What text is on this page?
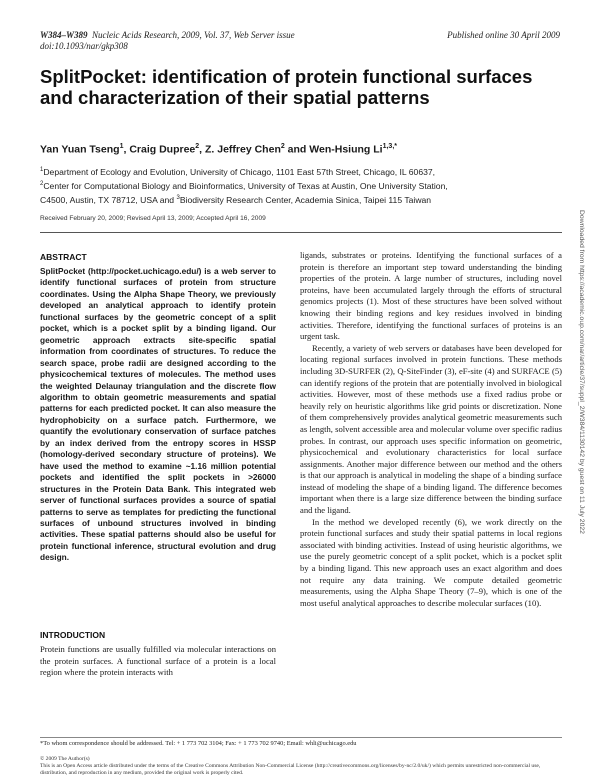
W384–W389 Nucleic Acids Research, 2009, Vol. 37, Web Server issue
doi:10.1093/nar/gkp308
Published online 30 April 2009
SplitPocket: identification of protein functional surfaces and characterization of their spatial patterns
Yan Yuan Tseng$^1$, Craig Dupree$^2$, Z. Jeffrey Chen$^2$ and Wen-Hsiung $Li^{1,3,*}$
$^1$Department of Ecology and Evolution, University of Chicago, 1101 East 57th Street, Chicago, IL 60637,
$^2$Center for Computational Biology and Bioinformatics, University of Texas at Austin, One University Station,
C4500, Austin, TX 78712, USA and $^3$Biodiversity Research Center, Academia Sinica, Taipei 115 Taiwan
Received February 20, 2009; Revised April 13, 2009; Accepted April 16, 2009
ABSTRACT
SplitPocket (http://pocket.uchicago.edu/) is a web server to identify functional surfaces of protein from structure coordinates. Using the Alpha Shape Theory, we previously developed an analytical approach to identify protein functional surfaces by the geometric concept of a split pocket, which is a pocket split by a binding ligand. Our geometric approach extracts site-specific spatial information from coordinates of structures. To reduce the search space, probe radii are designed according to the physicochemical textures of molecules. The method uses the weighted Delaunay triangulation and the discrete flow algorithm to obtain geometric measurements and spatial patterns for each predicted pocket. It can also measure the hydrophobicity on a surface patch. Furthermore, we quantify the evolutionary conservation of surface patches by an index derived from the entropy scores in HSSP (homology-derived secondary structure of proteins). We have used the method to examine ~1.16 million potential pockets and identified the split pockets in >26000 structures in the Protein Data Bank. This integrated web server of functional surfaces provides a source of spatial patterns to serve as templates for predicting the functional surfaces of unbound structures involved in binding activities. These spatial patterns should also be useful for protein functional inference, structural evolution and drug design.
INTRODUCTION

Protein functions are usually fulfilled via molecular interactions on the protein surfaces. A functional surface of a protein is a local region where the protein interacts with

ligands, substrates or proteins. Identifying the functional surfaces of a protein is therefore an important step toward understanding the binding properties of the protein. A large number of structures, including novel proteins, have been accumulated largely through the efforts of structural genomics projects (1). Most of these structures have been solved without knowing their binding regions and key residues involved in binding activities. Therefore, identifying the functional surfaces of proteins is an urgent task.

Recently, a variety of web servers or databases have been developed for locating regional surfaces involved in protein functions. These methods including 3D-SURFER (2), Q-SiteFinder (3), eF-site (4) and SURFACE (5) can identify regions of the protein that are potentially involved in biological activities. However, most of these methods use a fixed radius probe or heavily rely on heuristic algorithms like grid points or discretization. None of them comprehensively provides analytical geometric measurements such as length, solvent accessible area and molecular volume over specific radius probes. In contrast, our approach uses specific information on geometric, physicochemical and evolutionary characteristics for local surface assignments. Another major difference between our method and the others is that our approach is analytical in modeling the shape of a binding surface instead of modeling the shape of a binding ligand. The difference becomes important when there is a large size difference between the binding surface and the ligand.

In the method we developed recently (6), we work directly on the protein functional surfaces and study their spatial patterns in local regions associated with binding activities. Instead of using heuristic algorithms, we use the purely geometric concept of a split pocket, which is a pocket split by a binding ligand. This new approach uses an exact algorithm and does not require any data training. We compute detailed geometric measurements, using the Alpha Shape Theory (7–9), which is one of the most useful analytical approaches to describe molecular surfaces (10).

*To whom correspondence should be addressed. Tel: + 1 773 702 3104; Fax: + 1 773 702 9740; Email: whli@uchicago.edu
© 2009 The Author(s)
This is an Open Access article distributed under the terms of the Creative Commons Attribution Non-Commercial License (http://creativecommons.org/licenses/by-nc/2.0/uk/) which permits unrestricted non-commercial use, distribution, and reproduction in any medium, provided the original work is properly cited.
Downloaded from https://academic.oup.com/nar/article/37/suppl_2/W384/1130142 by guest on 11 July 2022
